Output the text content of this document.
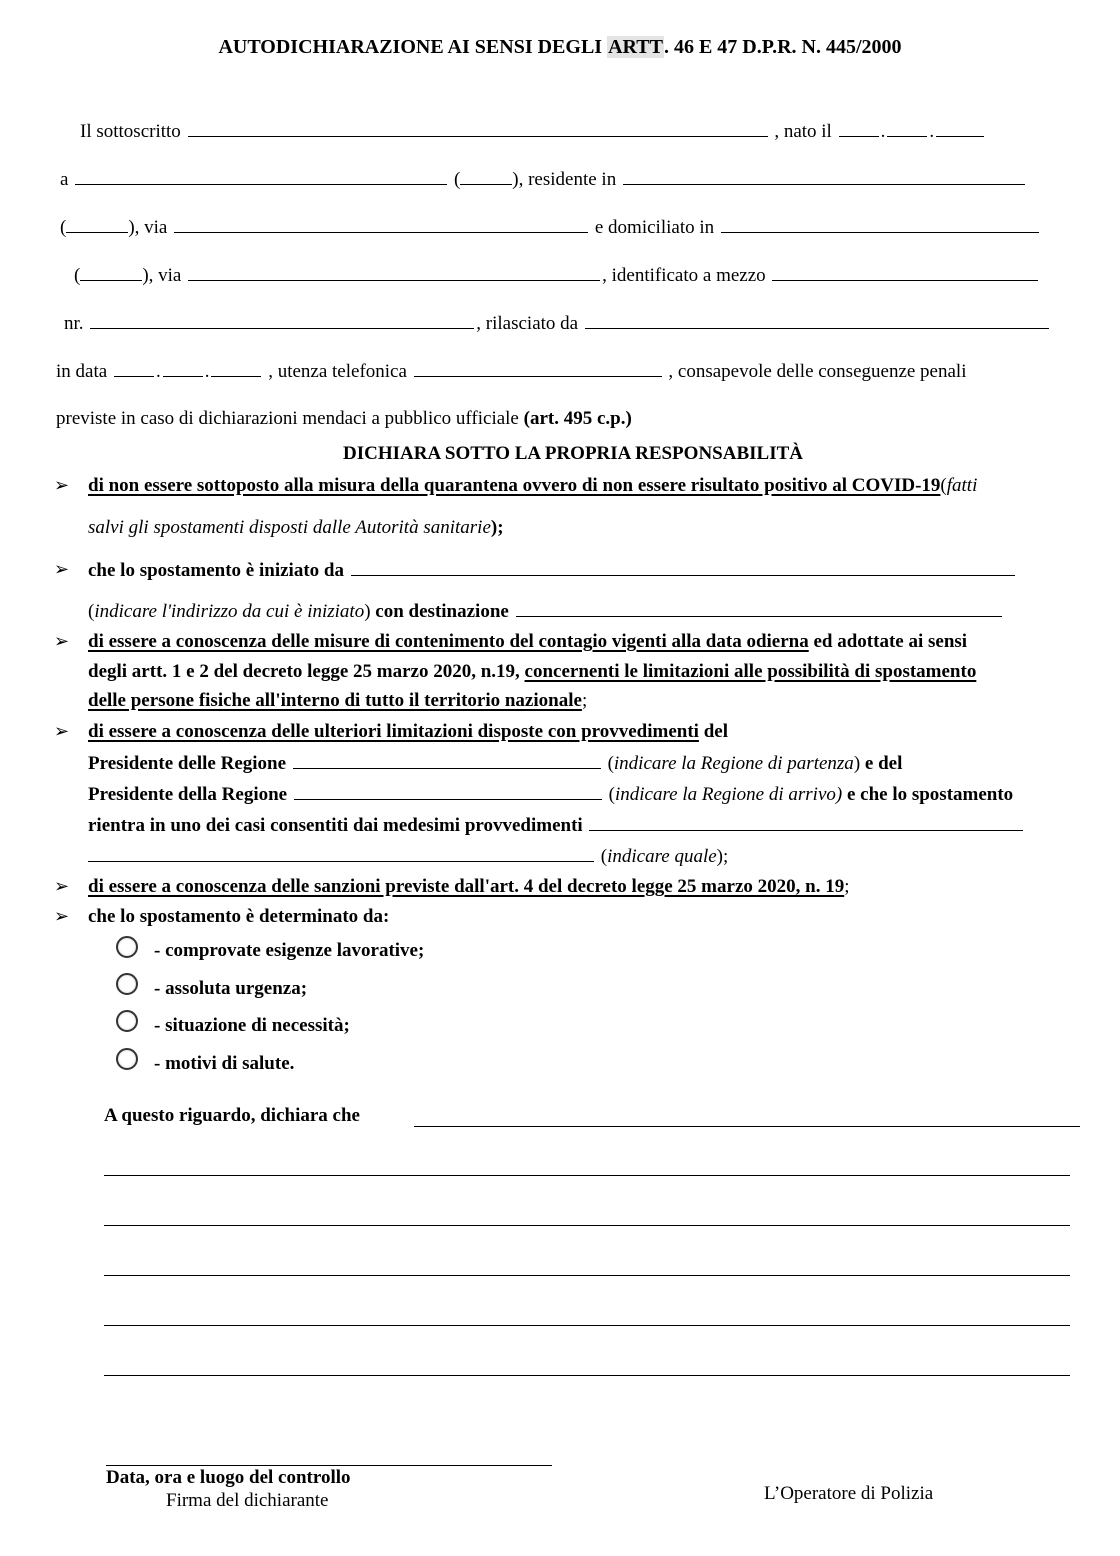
AUTODICHIARAZIONE AI SENSI DEGLI ARTT. 46 E 47 D.P.R. N. 445/2000
Il sottoscritto	, nato il	. .
a	(	), residente in
(	), via	e domiciliato in
(	), via	, identificato a mezzo
nr.	, rilasciato da
in data	. .	, utenza telefonica	, consapevole delle conseguenze penali
previste in caso di dichiarazioni mendaci a pubblico ufficiale (art. 495 c.p.)
DICHIARA SOTTO LA PROPRIA RESPONSABILITÀ
➢ di non essere sottoposto alla misura della quarantena ovvero di non essere risultato positivo al COVID-19(fatti
salvi gli spostamenti disposti dalle Autorità sanitarie);
➢ che lo spostamento è iniziato da
(indicare l'indirizzo da cui è iniziato) con destinazione
➢ di essere a conoscenza delle misure di contenimento del contagio vigenti alla data odierna ed adottate ai sensi
degli artt. 1 e 2 del decreto legge 25 marzo 2020, n.19, concernenti le limitazioni alle possibilità di spostamento
delle persone fisiche all'interno di tutto il territorio nazionale;
➢ di essere a conoscenza delle ulteriori limitazioni disposte con provvedimenti del
Presidente delle Regione	(indicare la Regione di partenza) e del
Presidente della Regione	(indicare la Regione di arrivo) e che lo spostamento
rientra in uno dei casi consentiti dai medesimi provvedimenti
(indicare quale);
➢ di essere a conoscenza delle sanzioni previste dall'art. 4 del decreto legge 25 marzo 2020, n. 19;
➢ che lo spostamento è determinato da:
- comprovate esigenze lavorative;
- assoluta urgenza;
- situazione di necessità;
- motivi di salute.
A questo riguardo, dichiara che
Data, ora e luogo del controllo
Firma del dichiarante	L’Operatore di Polizia
